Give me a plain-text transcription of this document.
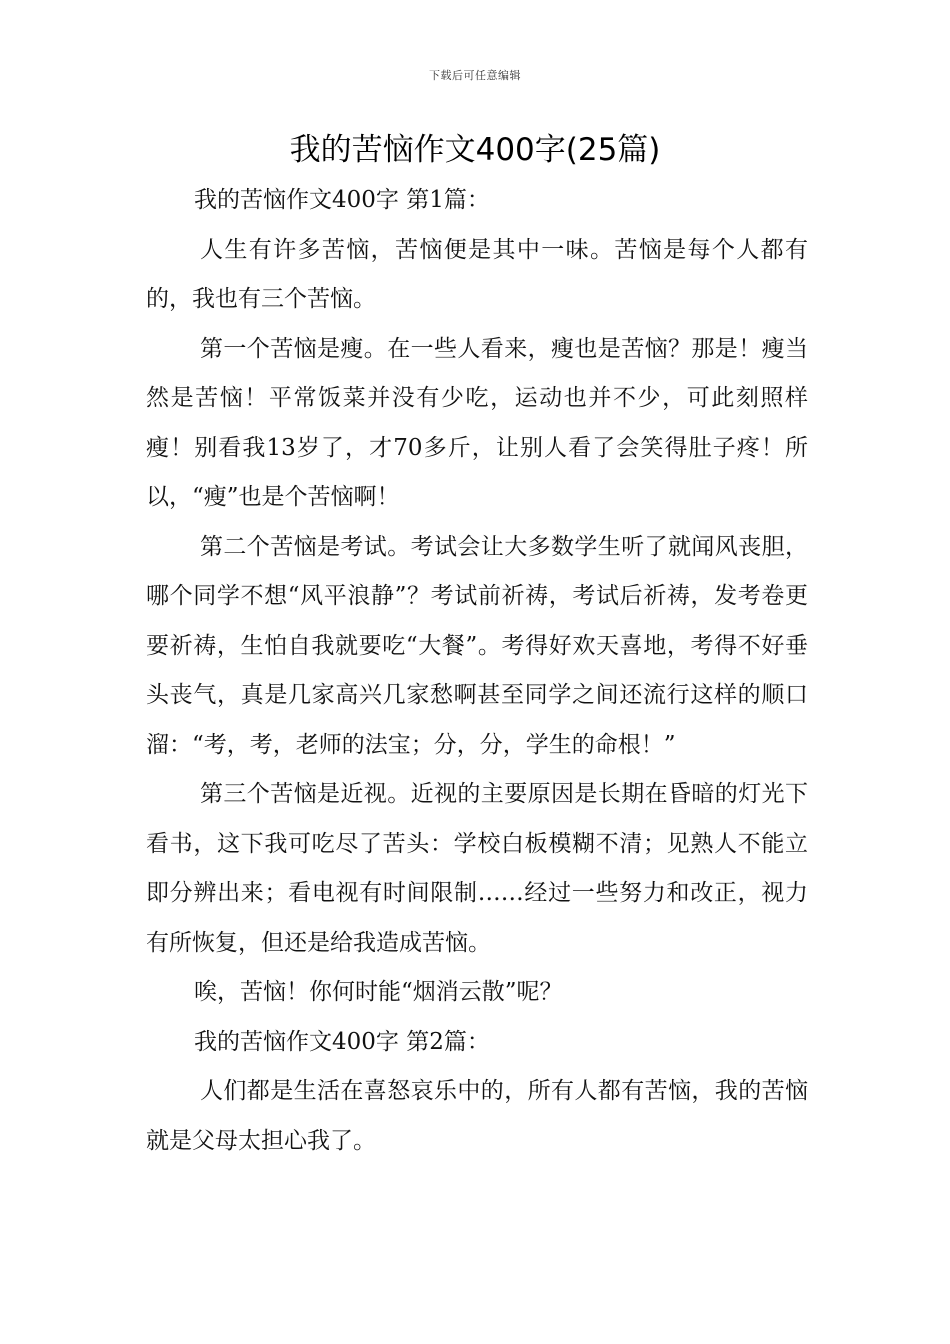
下载后可任意编辑
我的苦恼作文400字(25篇)

我的苦恼作文400字 第1篇：

人生有许多苦恼，苦恼便是其中一味。苦恼是每个人都有的，我也有三个苦恼。

第一个苦恼是瘦。在一些人看来，瘦也是苦恼？那是！瘦当然是苦恼！平常饭菜并没有少吃，运动也并不少，可此刻照样瘦！别看我13岁了，才70多斤，让别人看了会笑得肚子疼！所以，“瘦”也是个苦恼啊！

第二个苦恼是考试。考试会让大多数学生听了就闻风丧胆，哪个同学不想“风平浪静”？考试前祈祷，考试后祈祷，发考卷更要祈祷，生怕自我就要吃“大餐”。考得好欢天喜地，考得不好垂头丧气，真是几家高兴几家愁啊甚至同学之间还流行这样的顺口溜：“考，考，老师的法宝；分，分，学生的命根！”

第三个苦恼是近视。近视的主要原因是长期在昏暗的灯光下看书，这下我可吃尽了苦头：学校白板模糊不清；见熟人不能立即分辨出来；看电视有时间限制……经过一些努力和改正，视力有所恢复，但还是给我造成苦恼。

唉，苦恼！你何时能“烟消云散”呢？

我的苦恼作文400字 第2篇：

人们都是生活在喜怒哀乐中的，所有人都有苦恼，我的苦恼就是父母太担心我了。
